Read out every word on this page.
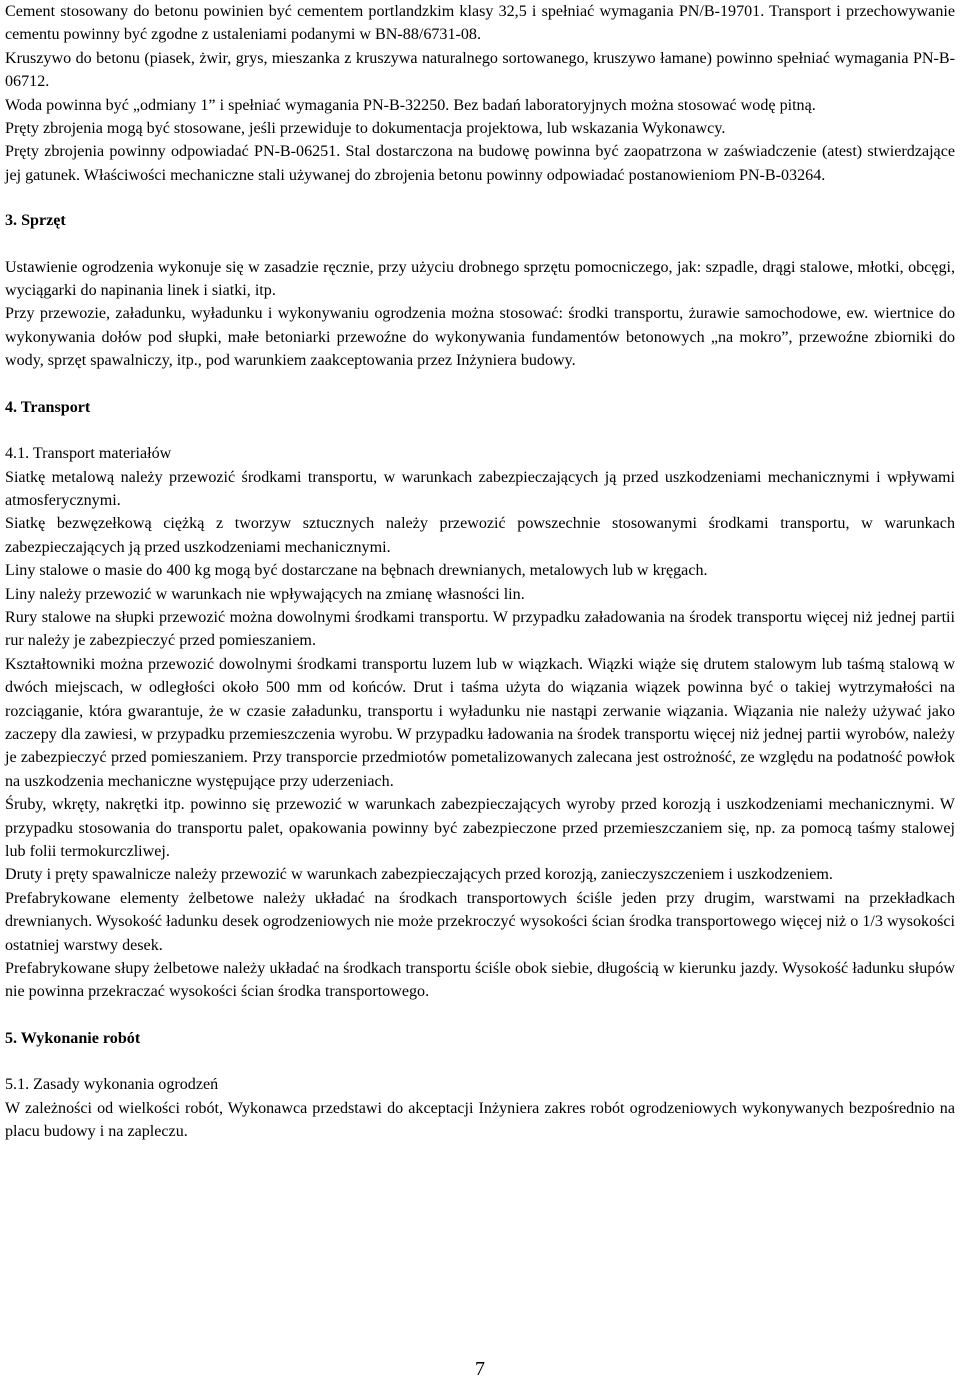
Cement stosowany do betonu powinien być cementem portlandzkim klasy 32,5 i spełniać wymagania PN/B-19701. Transport i przechowywanie cementu powinny być zgodne z ustaleniami podanymi w BN-88/6731-08.

Kruszywo do betonu (piasek, żwir, grys, mieszanka z kruszywa naturalnego sortowanego, kruszywo łamane) powinno spełniać wymagania PN-B-06712.

Woda powinna być „odmiany 1” i spełniać wymagania PN-B-32250. Bez badań laboratoryjnych można stosować wodę pitną.

Pręty zbrojenia mogą być stosowane, jeśli przewiduje to dokumentacja projektowa, lub wskazania Wykonawcy.

Pręty zbrojenia powinny odpowiadać PN-B-06251. Stal dostarczona na budowę powinna być zaopatrzona w zaświadczenie (atest) stwierdzające jej gatunek. Właściwości mechaniczne stali używanej do zbrojenia betonu powinny odpowiadać postanowieniom PN-B-03264.

3. Sprzęt

Ustawienie ogrodzenia wykonuje się w zasadzie ręcznie, przy użyciu drobnego sprzętu pomocniczego, jak: szpadle, drągi stalowe, młotki, obcęgi, wyciągarki do napinania linek i siatki, itp.

Przy przewozie, załadunku, wyładunku i wykonywaniu ogrodzenia można stosować: środki transportu, żurawie samochodowe, ew. wiertnice do wykonywania dołów pod słupki, małe betoniarki przewoźne do wykonywania fundamentów betonowych „na mokro”, przewoźne zbiorniki do wody, sprzęt spawalniczy, itp., pod warunkiem zaakceptowania przez Inżyniera budowy.

4. Transport

4.1. Transport materiałów

Siatkę metalową należy przewozić środkami transportu, w warunkach zabezpieczających ją przed uszkodzeniami mechanicznymi i wpływami atmosferycznymi.

Siatkę bezwęzełkową ciężką z tworzyw sztucznych należy przewozić powszechnie stosowanymi środkami transportu, w warunkach zabezpieczających ją przed uszkodzeniami mechanicznymi.

Liny stalowe o masie do 400 kg mogą być dostarczane na bębnach drewnianych, metalowych lub w kręgach.

Liny należy przewozić w warunkach nie wpływających na zmianę własności lin.

Rury stalowe na słupki przewozić można dowolnymi środkami transportu. W przypadku załadowania na środek transportu więcej niż jednej partii rur należy je zabezpieczyć przed pomieszaniem.

Kształtowniki można przewozić dowolnymi środkami transportu luzem lub w wiązkach. Wiązki wiąże się drutem stalowym lub taśmą stalową w dwóch miejscach, w odległości około 500 mm od końców. Drut i taśma użyta do wiązania wiązek powinna być o takiej wytrzymałości na rozciąganie, która gwarantuje, że w czasie załadunku, transportu i wyładunku nie nastąpi zerwanie wiązania. Wiązania nie należy używać jako zaczepy dla zawiesi, w przypadku przemieszczenia wyrobu. W przypadku ładowania na środek transportu więcej niż jednej partii wyrobów, należy je zabezpieczyć przed pomieszaniem. Przy transporcie przedmiotów pometalizowanych zalecana jest ostrożność, ze względu na podatność powłok na uszkodzenia mechaniczne występujące przy uderzeniach.

Śruby, wkręty, nakrętki itp. powinno się przewozić w warunkach zabezpieczających wyroby przed korozją i uszkodzeniami mechanicznymi. W przypadku stosowania do transportu palet, opakowania powinny być zabezpieczone przed przemieszczaniem się, np. za pomocą taśmy stalowej lub folii termokurczliwej.

Druty i pręty spawalnicze należy przewozić w warunkach zabezpieczających przed korozją, zanieczyszczeniem i uszkodzeniem.

Prefabrykowane elementy żelbetowe należy układać na środkach transportowych ściśle jeden przy drugim, warstwami na przekładkach drewnianych. Wysokość ładunku desek ogrodzeniowych nie może przekroczyć wysokości ścian środka transportowego więcej niż o 1/3 wysokości ostatniej warstwy desek.

Prefabrykowane słupy żelbetowe należy układać na środkach transportu ściśle obok siebie, długością w kierunku jazdy. Wysokość ładunku słupów nie powinna przekraczać wysokości ścian środka transportowego.

5. Wykonanie robót

5.1. Zasady wykonania ogrodzeń

W zależności od wielkości robót, Wykonawca przedstawi do akceptacji Inżyniera zakres robót ogrodzeniowych wykonywanych bezpośrednio na placu budowy i na zapleczu.

7
